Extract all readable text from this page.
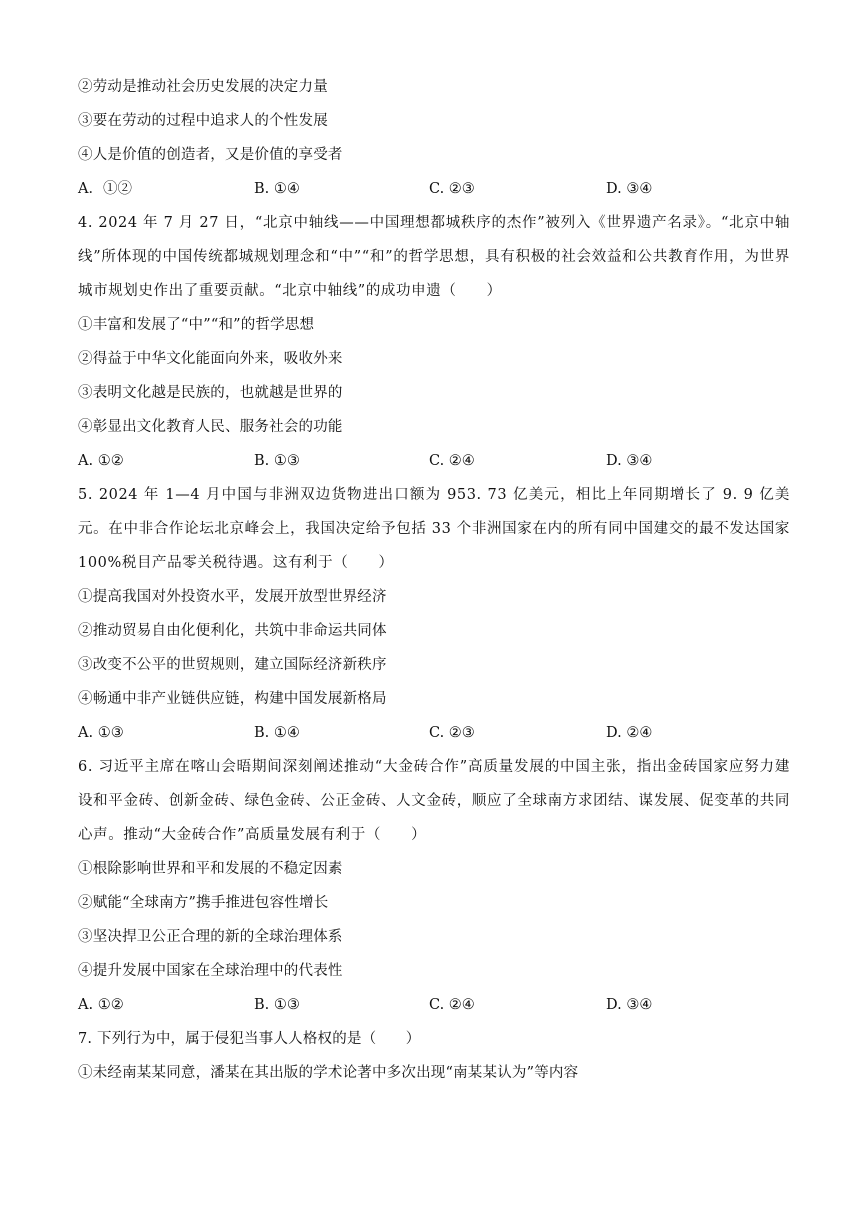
②劳动是推动社会历史发展的决定力量
③要在劳动的过程中追求人的个性发展
④人是价值的创造者，又是价值的享受者
A．①②	B. ①④	C. ②③	D. ③④
4. 2024 年 7 月 27 日，“北京中轴线——中国理想都城秩序的杰作”被列入《世界遗产名录》。“北京中轴线”所体现的中国传统都城规划理念和“中”“和”的哲学思想，具有积极的社会效益和公共教育作用，为世界城市规划史作出了重要贡献。“北京中轴线”的成功申遗（　　）
①丰富和发展了“中”“和”的哲学思想
②得益于中华文化能面向外来，吸收外来
③表明文化越是民族的，也就越是世界的
④彰显出文化教育人民、服务社会的功能
A. ①②	B. ①③	C. ②④	D. ③④
5. 2024 年 1—4 月中国与非洲双边货物进出口额为 953. 73 亿美元，相比上年同期增长了 9. 9 亿美元。在中非合作论坛北京峰会上，我国决定给予包括 33 个非洲国家在内的所有同中国建交的最不发达国家 100%税目产品零关税待遇。这有利于（　　）
①提高我国对外投资水平，发展开放型世界经济
②推动贸易自由化便利化，共筑中非命运共同体
③改变不公平的世贸规则，建立国际经济新秩序
④畅通中非产业链供应链，构建中国发展新格局
A. ①③	B. ①④	C. ②③	D. ②④
6. 习近平主席在喀山会晤期间深刻阐述推动“大金砖合作”高质量发展的中国主张，指出金砖国家应努力建设和平金砖、创新金砖、绿色金砖、公正金砖、人文金砖，顺应了全球南方求团结、谋发展、促变革的共同心声。推动“大金砖合作”高质量发展有利于（　　）
①根除影响世界和平和发展的不稳定因素
②赋能“全球南方”携手推进包容性增长
③坚决捍卫公正合理的新的全球治理体系
④提升发展中国家在全球治理中的代表性
A. ①②	B. ①③	C. ②④	D. ③④
7. 下列行为中，属于侵犯当事人人格权的是（　　）
①未经南某某同意，潘某在其出版的学术论著中多次出现“南某某认为”等内容
